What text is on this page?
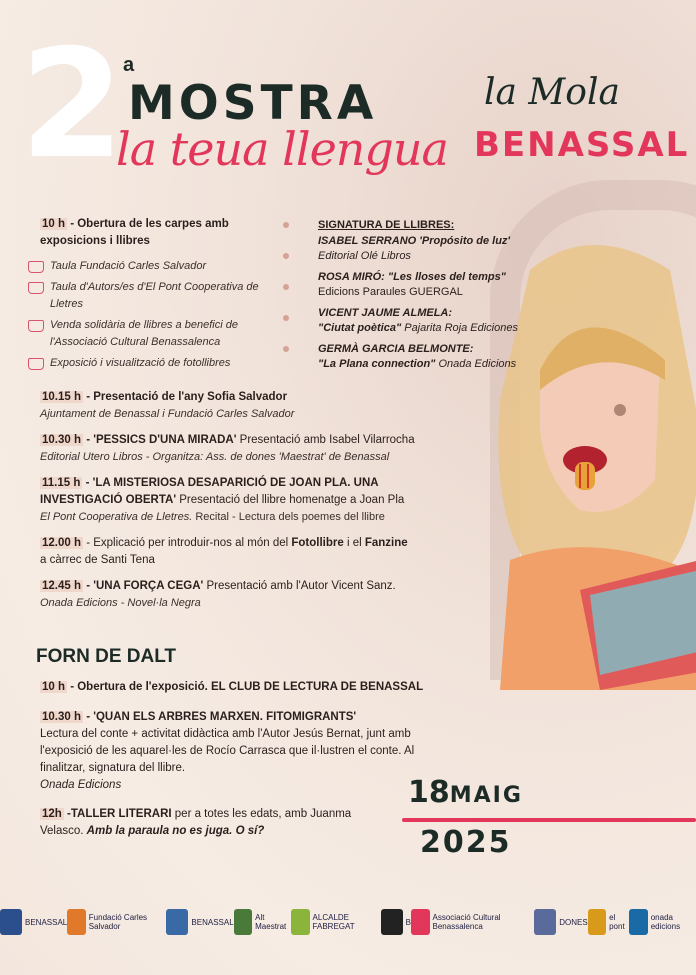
2
a
MOSTRA
la teua llengua
la Mola
BENASSAL
10 h - Obertura de les carpes amb exposicions i llibres
Taula Fundació Carles Salvador
Taula d'Autors/es d'El Pont Cooperativa de Lletres
Venda solidària de llibres a benefici de l'Associació Cultural Benassalenca
Exposició i visualització de fotollibres

SIGNATURA DE LLIBRES:

ISABEL SERRANO 'Propósito de luz'

Editorial Olé Libros

ROSA MIRÓ: "Les lloses del temps"

Edicions Paraules GUERGAL

VICENT JAUME ALMELA:

"Ciutat poètica" Pajarita Roja Ediciones

GERMÀ GARCIA BELMONTE:

"La Plana connection" Onada Edicions

10.15 h - Presentació de l'any Sofia Salvador
Ajuntament de Benassal i Fundació Carles Salvador
10.30 h - 'PESSICS D'UNA MIRADA' Presentació amb Isabel Vilarrocha
Editorial Utero Libros - Organitza: Ass. de dones 'Maestrat' de Benassal
11.15 h - 'LA MISTERIOSA DESAPARICIÓ DE JOAN PLA. UNA INVESTIGACIÓ OBERTA' Presentació del llibre homenatge a Joan Pla
El Pont Cooperativa de Lletres. Recital - Lectura dels poemes del llibre
12.00 h - Explicació per introduir-nos al món del Fotollibre i el Fanzine a càrrec de Santi Tena
12.45 h - 'UNA FORÇA CEGA' Presentació amb l'Autor Vicent Sanz.
Onada Edicions - Novel·la Negra
FORN DE DALT
10 h - Obertura de l'exposició. EL CLUB DE LECTURA DE BENASSAL
10.30 h - 'QUAN ELS ARBRES MARXEN. FITOMIGRANTS'
Lectura del conte + activitat didàctica amb l'Autor Jesús Bernat, junt amb l'exposició de les aquarel·les de Rocío Carrasca que il·lustren el conte. Al finalitzar, signatura del llibre.
Onada Edicions
12h -TALLER LITERARI per a totes les edats, amb Juanma Velasco. Amb la paraula no es juga. O sí?
18MAIG
2025
BENASSAL	Fundació Carles Salvador	BENASSAL	Alt Maestrat
ALCALDE FABREGAT	B	Associació Cultural Benassalenca	DONES	el pont
onada edicions
